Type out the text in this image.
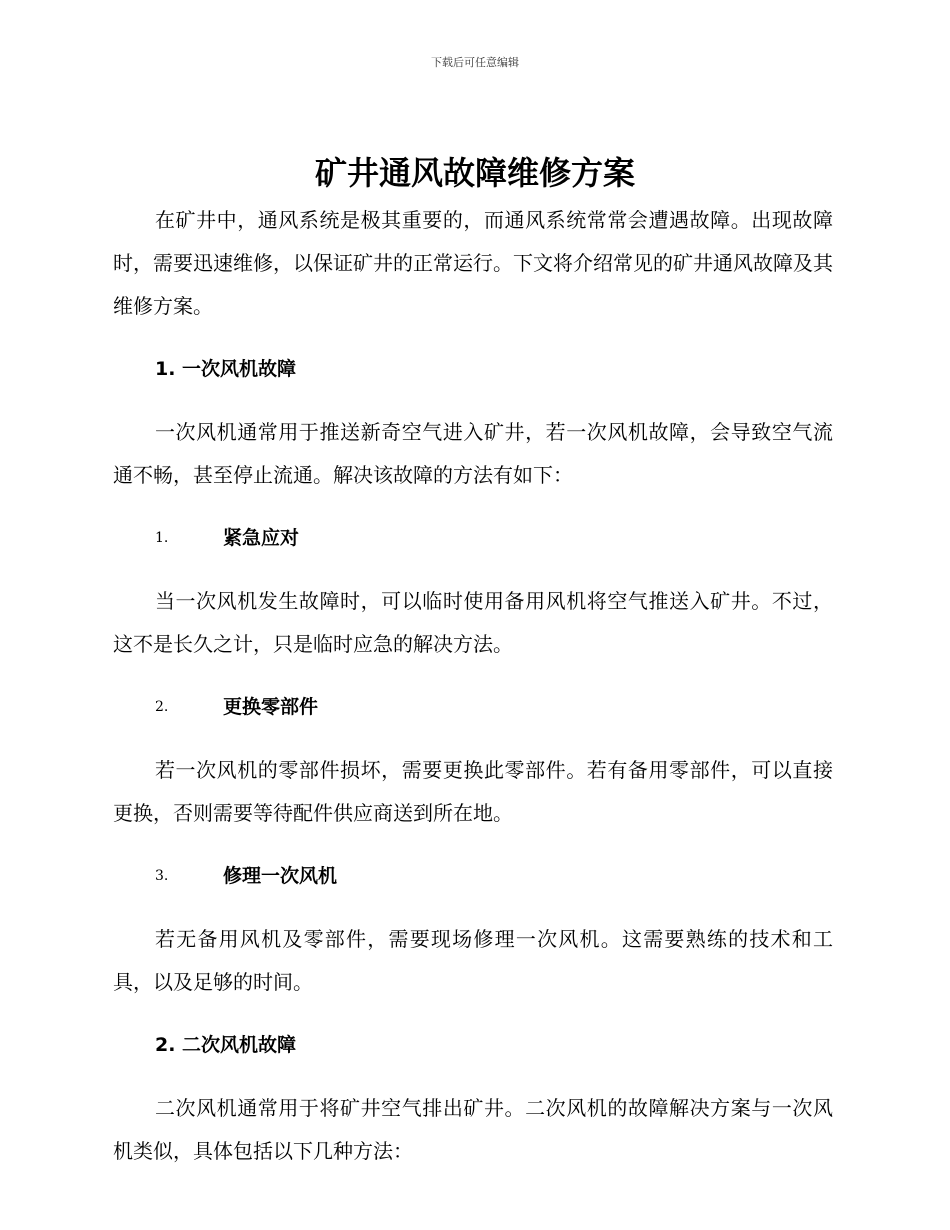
下载后可任意编辑
矿井通风故障维修方案

在矿井中，通风系统是极其重要的，而通风系统常常会遭遇故障。出现故障时，需要迅速维修，以保证矿井的正常运行。下文将介绍常见的矿井通风故障及其维修方案。

1. 一次风机故障

一次风机通常用于推送新奇空气进入矿井，若一次风机故障，会导致空气流通不畅，甚至停止流通。解决该故障的方法有如下：

1.	紧急应对

当一次风机发生故障时，可以临时使用备用风机将空气推送入矿井。不过，这不是长久之计，只是临时应急的解决方法。

2.	更换零部件

若一次风机的零部件损坏，需要更换此零部件。若有备用零部件，可以直接更换，否则需要等待配件供应商送到所在地。

3.	修理一次风机

若无备用风机及零部件，需要现场修理一次风机。这需要熟练的技术和工具，以及足够的时间。

2. 二次风机故障

二次风机通常用于将矿井空气排出矿井。二次风机的故障解决方案与一次风机类似，具体包括以下几种方法：
